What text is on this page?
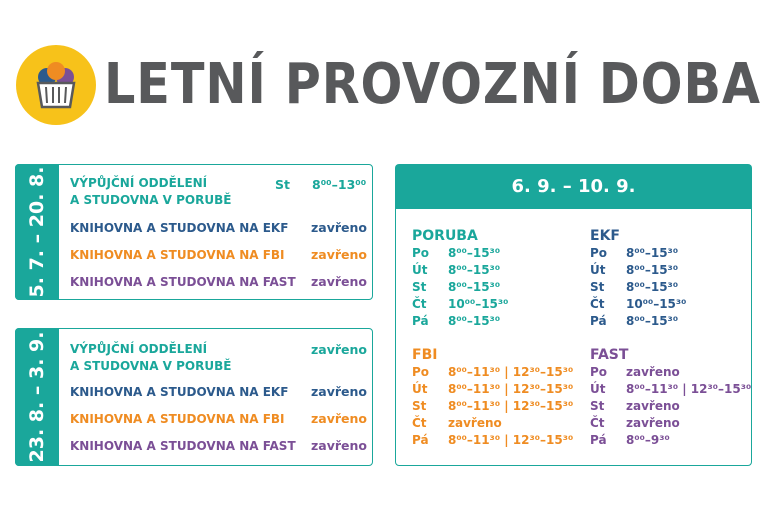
LETNÍ PROVOZNÍ DOBA
5. 7. – 20. 8. VÝPŮJČNÍ ODDĚLENÍ
A STUDOVNA V PORUBĚ
St 8⁰⁰–13⁰⁰
KNIHOVNA A STUDOVNA NA EKF zavřeno
KNIHOVNA A STUDOVNA NA FBI zavřeno
KNIHOVNA A STUDOVNA NA FAST zavřeno
23. 8. – 3. 9. VÝPŮJČNÍ ODDĚLENÍ
A STUDOVNA V PORUBĚ
zavřeno
KNIHOVNA A STUDOVNA NA EKF zavřeno
KNIHOVNA A STUDOVNA NA FBI zavřeno
KNIHOVNA A STUDOVNA NA FAST zavřeno
6. 9. – 10. 9.
PORUBA
Po 8⁰⁰–15³⁰
Út 8⁰⁰–15³⁰
St 8⁰⁰–15³⁰
Čt 10⁰⁰–15³⁰
Pá 8⁰⁰–15³⁰
EKF
Po 8⁰⁰–15³⁰
Út 8⁰⁰–15³⁰
St 8⁰⁰–15³⁰
Čt 10⁰⁰–15³⁰
Pá 8⁰⁰–15³⁰
FBI
Po 8⁰⁰–11³⁰ | 12³⁰–15³⁰
Út 8⁰⁰–11³⁰ | 12³⁰–15³⁰
St 8⁰⁰–11³⁰ | 12³⁰–15³⁰
Čt zavřeno
Pá 8⁰⁰–11³⁰ | 12³⁰–15³⁰
FAST
Po zavřeno
Út 8⁰⁰–11³⁰ | 12³⁰–15³⁰
St zavřeno
Čt zavřeno
Pá 8⁰⁰–9³⁰
